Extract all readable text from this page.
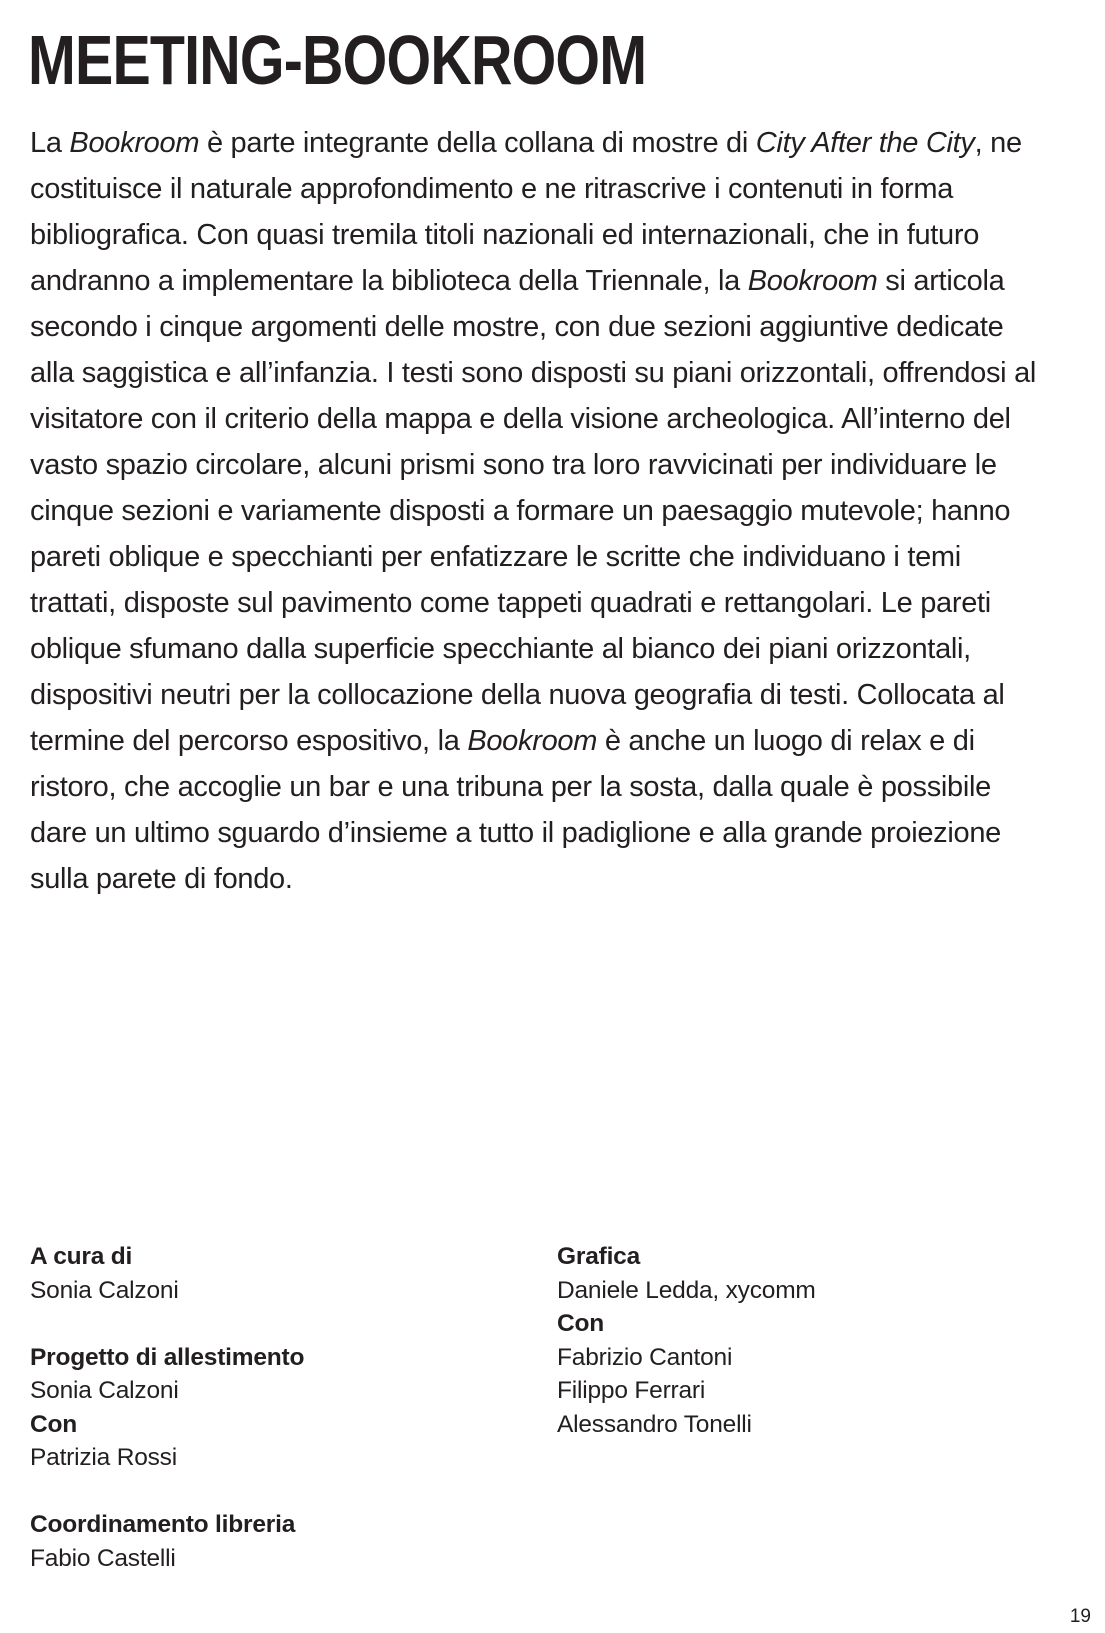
MEETING-BOOKROOM

La Bookroom è parte integrante della collana di mostre di City After the City, ne costituisce il naturale approfondimento e ne ritrascrive i contenuti in forma bibliografica. Con quasi tremila titoli nazionali ed internazionali, che in futuro andranno a implementare la biblioteca della Triennale, la Bookroom si articola secondo i cinque argomenti delle mostre, con due sezioni aggiuntive dedicate alla saggistica e all’infanzia. I testi sono disposti su piani orizzontali, offrendosi al visitatore con il criterio della mappa e della visione archeologica. All’interno del vasto spazio circolare, alcuni prismi sono tra loro ravvicinati per individuare le cinque sezioni e variamente disposti a formare un paesaggio mutevole; hanno pareti oblique e specchianti per enfatizzare le scritte che individuano i temi trattati, disposte sul pavimento come tappeti quadrati e rettangolari. Le pareti oblique sfumano dalla superficie specchiante al bianco dei piani orizzontali, dispositivi neutri per la collocazione della nuova geografia di testi. Collocata al termine del percorso espositivo, la Bookroom è anche un luogo di relax e di ristoro, che accoglie un bar e una tribuna per la sosta, dalla quale è possibile dare un ultimo sguardo d’insieme a tutto il padiglione e alla grande proiezione sulla parete di fondo.

A cura di
Sonia Calzoni
Progetto di allestimento
Sonia Calzoni
Con
Patrizia Rossi
Coordinamento libreria
Fabio Castelli
Grafica
Daniele Ledda, xycomm
Con
Fabrizio Cantoni
Filippo Ferrari
Alessandro Tonelli
19
